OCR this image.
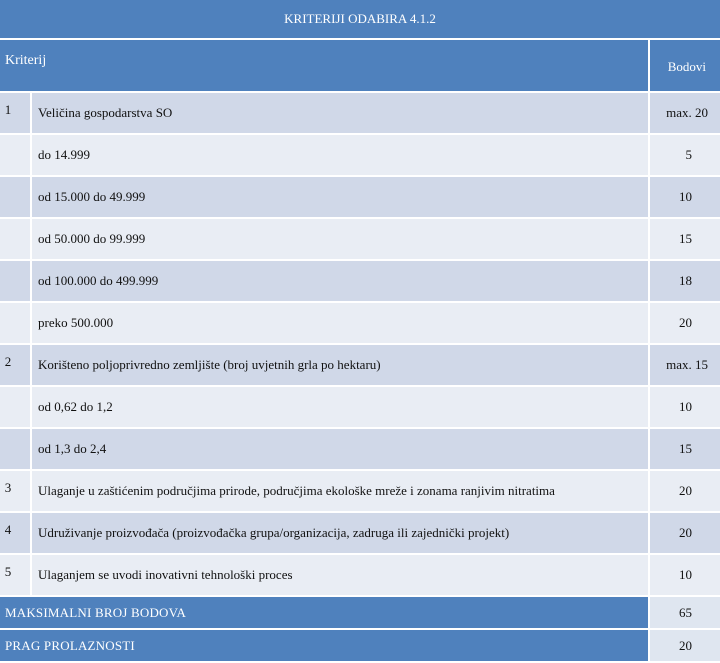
KRITERIJI ODABIRA 4.1.2
Kriterij		Bodovi
1	Veličina gospodarstva SO	max. 20
	do 14.999	5
	od 15.000 do 49.999	10
	od 50.000 do 99.999	15
	od 100.000 do 499.999	18
	preko 500.000	20
2	Korišteno poljoprivredno zemljište (broj uvjetnih grla po hektaru)	max. 15
	od 0,62 do 1,2	10
	od 1,3 do 2,4	15
3	Ulaganje u zaštićenim područjima prirode, područjima ekološke mreže i zonama ranjivim nitratima	20
4	Udruživanje proizvođača (proizvođačka grupa/organizacija, zadruga ili zajednički projekt)	20
5	Ulaganjem se uvodi inovativni tehnološki proces	10
MAKSIMALNI BROJ BODOVA		65
PRAG PROLAZNOSTI		20
